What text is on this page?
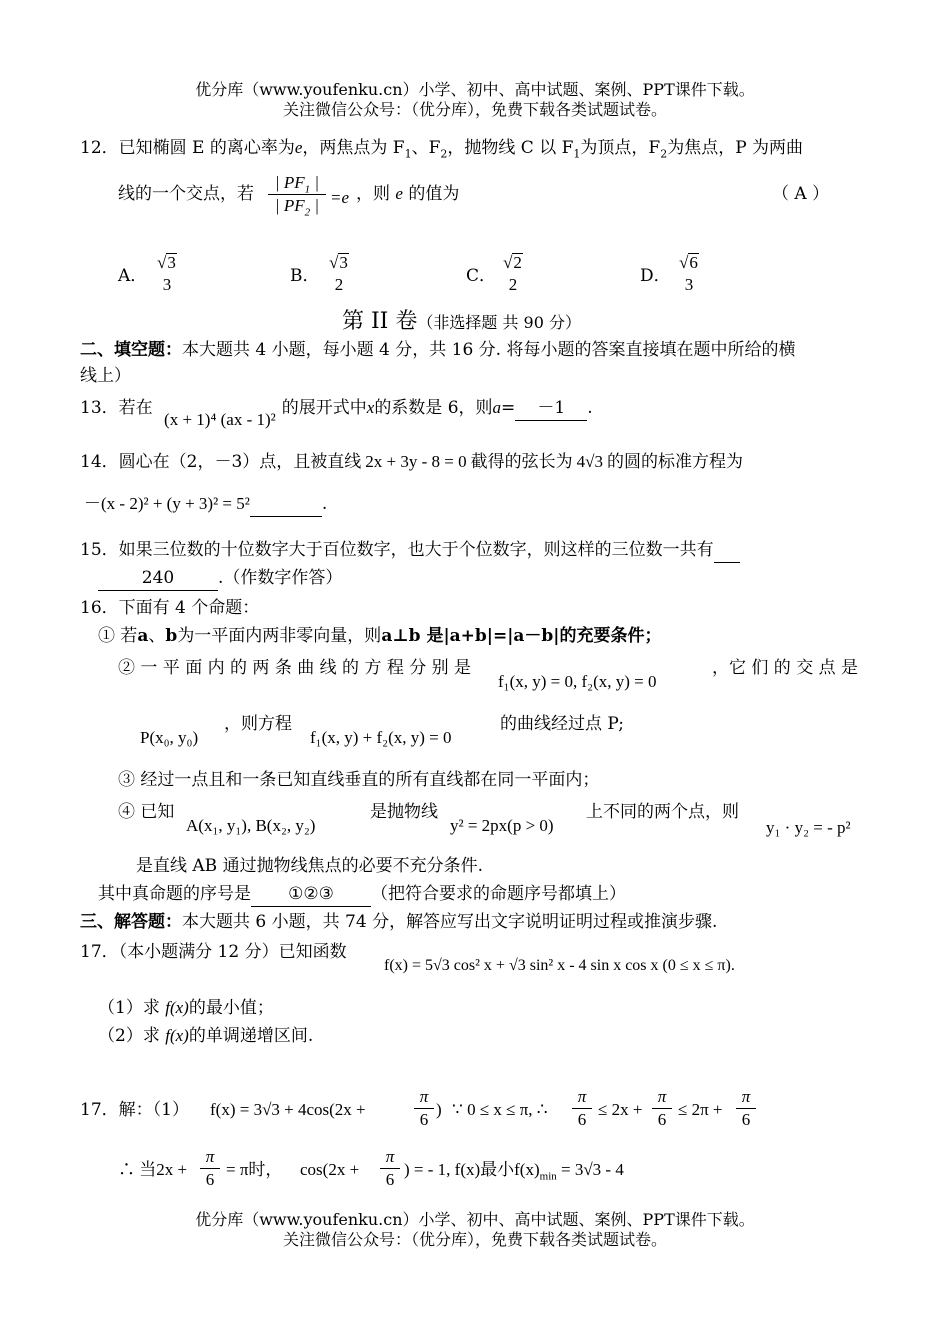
优分库（www.youfenku.cn）小学、初中、高中试题、案例、PPT课件下载。
关注微信公众号：（优分库），免费下载各类试题试卷。
12．已知椭圆 E 的离心率为e，两焦点为 $F_1$、$F_2$，抛物线 C 以 $F_1$为顶点，$F_2$为焦点，P 为两曲
线的一个交点，若
| $PF_1$ |
| $PF_2$ | =e ，则 e 的值为	（ A ）
A．
√3
3	B．
√3
2	C．
√2
2	D．
√6
3
第 II 卷（非选择题 共 90 分）
二、填空题：本大题共 4 小题，每小题 4 分，共 16 分. 将每小题的答案直接填在题中所给的横
线上）
13．若在 (x + 1)⁴ (ax - 1)²的展开式中x的系数是 6，则a= －1 .
14．圆心在（2，－3）点，且被直线 2x + 3y - 8 = 0 截得的弦长为 4√3 的圆的标准方程为
－(x - 2)² + (y + 3)² = 5²	.
15．如果三位数的十位数字大于百位数字，也大于个位数字，则这样的三位数一共有
240	.（作数字作答）
16．下面有 4 个命题：
① 若a、b为一平面内两非零向量，则a⊥b 是|a+b|=|a－b|的充要条件；
② 一 平 面 内 的 两 条 曲 线 的 方 程 分 别 是
f₁(x, y) = 0, f₂(x, y) = 0
，它 们 的 交 点 是
P(x₀, y₀)
，则方程
f₁(x, y) + f₂(x, y) = 0
的曲线经过点 P;
③ 经过一点且和一条已知直线垂直的所有直线都在同一平面内；
④ 已知
A(x₁, y₁), B(x₂, y₂)
是抛物线
y² = 2px(p > 0)
上不同的两个点，则
y₁ · y₂ = - p²
是直线 AB 通过抛物线焦点的必要不充分条件.
其中真命题的序号是 ①②③ （把符合要求的命题序号都填上）
三、解答题：本大题共 6 小题，共 74 分，解答应写出文字说明证明过程或推演步骤.
17．（本小题满分 12 分）已知函数
f(x) = 5√3 cos² x + √3 sin² x - 4 sin x cos x (0 ≤ x ≤ π).
（1）求 f(x)的最小值；
（2）求 f(x)的单调递增区间.
17．解：（1） f(x) = 3√3 + 4cos(2x +
π
6
) ∵ 0 ≤ x ≤ π, ∴
π
6
≤ 2x +
π
6
≤ 2π +
π
6
∴ 当2x +
π
6
= π时， cos(2x +
π
6
) = - 1, f(x)最小$f(x)_{min} = 3√3 - 4$
优分库（www.youfenku.cn）小学、初中、高中试题、案例、PPT课件下载。
关注微信公众号：（优分库），免费下载各类试题试卷。
